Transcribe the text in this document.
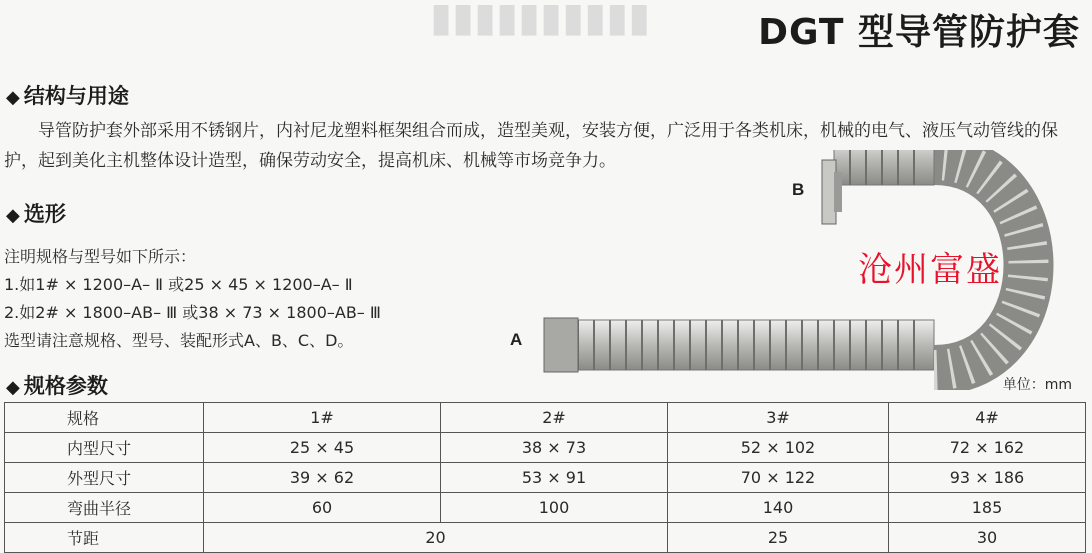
▮▮▮▮▮▮▮▮▮▮	DGT 型导管防护套
◆ 结构与用途
导管防护套外部采用不锈钢片，内衬尼龙塑料框架组合而成，造型美观，安装方便，广泛用于各类机床，机械的电气、液压气动管线的保护，起到美化主机整体设计造型，确保劳动安全，提高机床、机械等市场竞争力。
◆ 选形
注明规格与型号如下所示：
1.如1# × 1200–A– Ⅱ 或25 × 45 × 1200–A– Ⅱ
2.如2# × 1800–AB– Ⅲ 或38 × 73 × 1800–AB– Ⅲ
选型请注意规格、型号、装配形式A、B、C、D。
B
A
沧州富盛
◆ 规格参数	单位：mm
规格	1#	2#	3#	4#
内型尺寸	25 × 45	38 × 73	52 × 102	72 × 162
外型尺寸	39 × 62	53 × 91	70 × 122	93 × 186
弯曲半径	60	100	140	185
节距	20		25	30
